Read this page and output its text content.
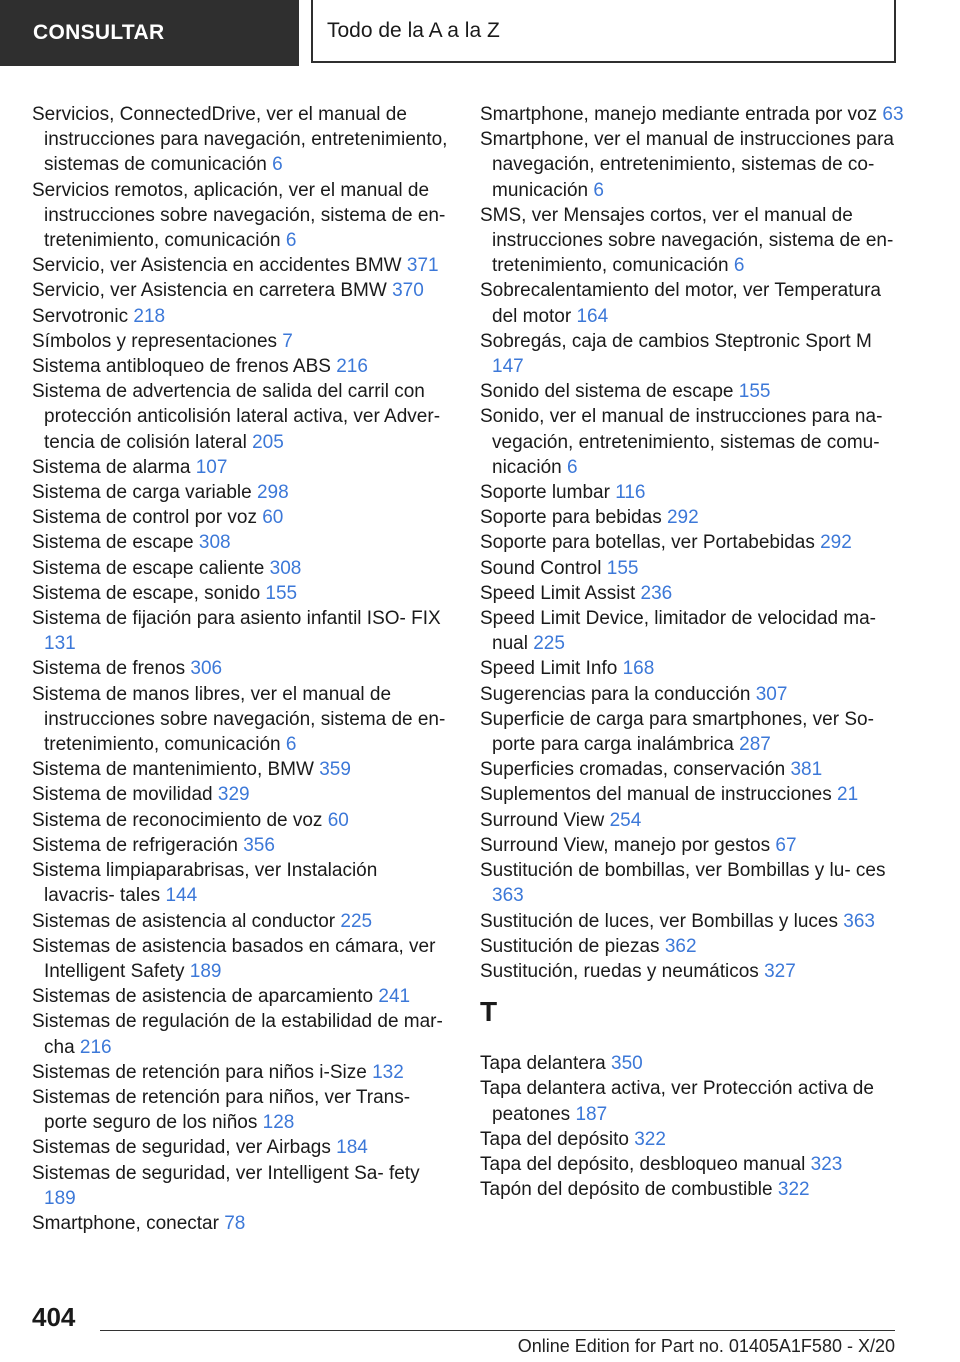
CONSULTAR	Todo de la A a la Z
Servicios, ConnectedDrive, ver el manual de instrucciones para navegación, entretenimiento, sistemas de comunicación 6
Servicios remotos, aplicación, ver el manual de instrucciones sobre navegación, sistema de en- tretenimiento, comunicación 6
Servicio, ver Asistencia en accidentes BMW 371
Servicio, ver Asistencia en carretera BMW 370
Servotronic 218
Símbolos y representaciones 7
Sistema antibloqueo de frenos ABS 216
Sistema de advertencia de salida del carril con protección anticolisión lateral activa, ver Adver- tencia de colisión lateral 205
Sistema de alarma 107
Sistema de carga variable 298
Sistema de control por voz 60
Sistema de escape 308
Sistema de escape caliente 308
Sistema de escape, sonido 155
Sistema de fijación para asiento infantil ISO- FIX 131
Sistema de frenos 306
Sistema de manos libres, ver el manual de instrucciones sobre navegación, sistema de en- tretenimiento, comunicación 6
Sistema de mantenimiento, BMW 359
Sistema de movilidad 329
Sistema de reconocimiento de voz 60
Sistema de refrigeración 356
Sistema limpiaparabrisas, ver Instalación lavacris- tales 144
Sistemas de asistencia al conductor 225
Sistemas de asistencia basados en cámara, ver Intelligent Safety 189
Sistemas de asistencia de aparcamiento 241
Sistemas de regulación de la estabilidad de mar- cha 216
Sistemas de retención para niños i-Size 132
Sistemas de retención para niños, ver Trans- porte seguro de los niños 128
Sistemas de seguridad, ver Airbags 184
Sistemas de seguridad, ver Intelligent Sa- fety 189
Smartphone, conectar 78
Smartphone, manejo mediante entrada por voz 63
Smartphone, ver el manual de instrucciones para navegación, entretenimiento, sistemas de co- municación 6
SMS, ver Mensajes cortos, ver el manual de instrucciones sobre navegación, sistema de en- tretenimiento, comunicación 6
Sobrecalentamiento del motor, ver Temperatura del motor 164
Sobregás, caja de cambios Steptronic Sport M 147
Sonido del sistema de escape 155
Sonido, ver el manual de instrucciones para na- vegación, entretenimiento, sistemas de comu- nicación 6
Soporte lumbar 116
Soporte para bebidas 292
Soporte para botellas, ver Portabebidas 292
Sound Control 155
Speed Limit Assist 236
Speed Limit Device, limitador de velocidad ma- nual 225
Speed Limit Info 168
Sugerencias para la conducción 307
Superficie de carga para smartphones, ver So- porte para carga inalámbrica 287
Superficies cromadas, conservación 381
Suplementos del manual de instrucciones 21
Surround View 254
Surround View, manejo por gestos 67
Sustitución de bombillas, ver Bombillas y lu- ces 363
Sustitución de luces, ver Bombillas y luces 363
Sustitución de piezas 362
Sustitución, ruedas y neumáticos 327
T
Tapa delantera 350
Tapa delantera activa, ver Protección activa de peatones 187
Tapa del depósito 322
Tapa del depósito, desbloqueo manual 323
Tapón del depósito de combustible 322
404
Online Edition for Part no. 01405A1F580 - X/20
